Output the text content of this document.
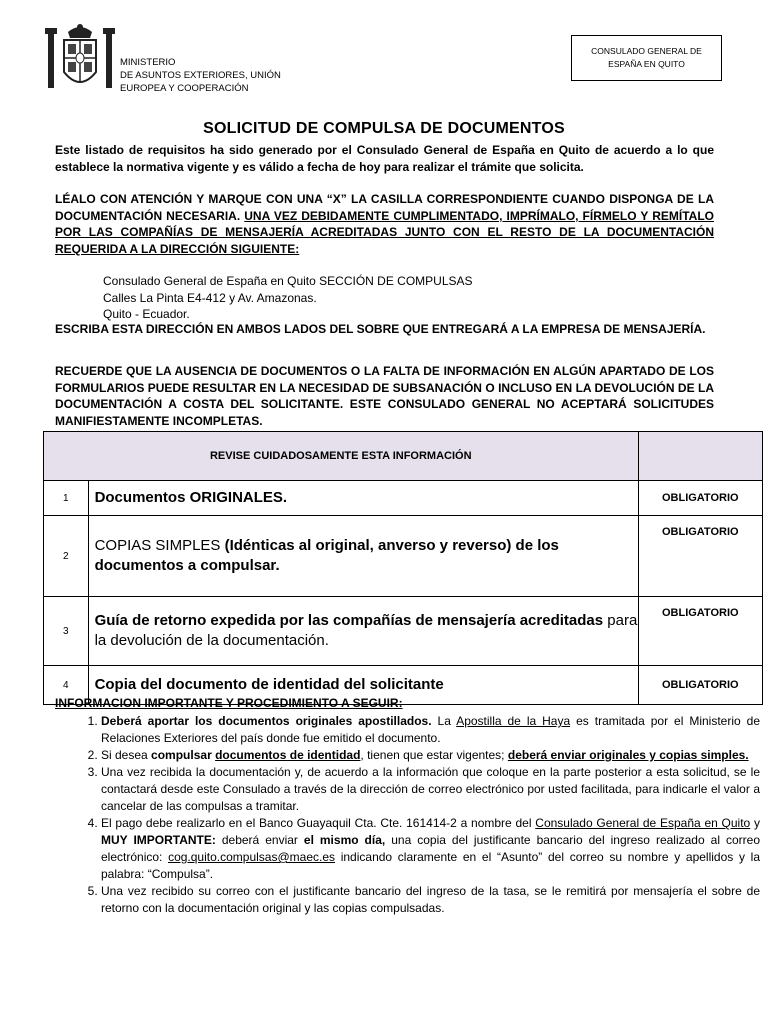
MINISTERIO
DE ASUNTOS EXTERIORES, UNIÓN
EUROPEA Y COOPERACIÓN
CONSULADO GENERAL DE
ESPAÑA EN QUITO
SOLICITUD DE COMPULSA DE DOCUMENTOS
Este listado de requisitos ha sido generado por el Consulado General de España en Quito de acuerdo a lo que establece la normativa vigente y es válido a fecha de hoy para realizar el trámite que solicita.
LÉALO CON ATENCIÓN Y MARQUE CON UNA “X” LA CASILLA CORRESPONDIENTE CUANDO DISPONGA DE LA DOCUMENTACIÓN NECESARIA. UNA VEZ DEBIDAMENTE CUMPLIMENTADO, IMPRÍMALO, FÍRMELO Y REMÍTALO POR LAS COMPAÑÍAS DE MENSAJERÍA ACREDITADAS JUNTO CON EL RESTO DE LA DOCUMENTACIÓN REQUERIDA A LA DIRECCIÓN SIGUIENTE:
Consulado General de España en Quito SECCIÓN DE COMPULSAS
Calles La Pinta E4-412 y Av. Amazonas.
Quito - Ecuador.
ESCRIBA ESTA DIRECCIÓN EN AMBOS LADOS DEL SOBRE QUE ENTREGARÁ A LA EMPRESA DE MENSAJERÍA.
RECUERDE QUE LA AUSENCIA DE DOCUMENTOS O LA FALTA DE INFORMACIÓN EN ALGÚN APARTADO DE LOS FORMULARIOS PUEDE RESULTAR EN LA NECESIDAD DE SUBSANACIÓN O INCLUSO EN LA DEVOLUCIÓN DE LA DOCUMENTACIÓN A COSTA DEL SOLICITANTE. ESTE CONSULADO GENERAL NO ACEPTARÁ SOLICITUDES MANIFIESTAMENTE INCOMPLETAS.
REVISE CUIDADOSAMENTE ESTA INFORMACIÓN		
1	Documentos ORIGINALES.	OBLIGATORIO
2	COPIAS SIMPLES (Idénticas al original, anverso y reverso) de los documentos a compulsar.	OBLIGATORIO
3	Guía de retorno expedida por las compañías de mensajería acreditadas para la devolución de la documentación.	OBLIGATORIO
4	Copia del documento de identidad del solicitante	OBLIGATORIO
INFORMACION IMPORTANTE Y PROCEDIMIENTO A SEGUIR:
1. Deberá aportar los documentos originales apostillados. La Apostilla de la Haya es tramitada por el Ministerio de Relaciones Exteriores del país donde fue emitido el documento.
2. Si desea compulsar documentos de identidad, tienen que estar vigentes; deberá enviar originales y copias simples.
3. Una vez recibida la documentación y, de acuerdo a la información que coloque en la parte posterior a esta solicitud, se le contactará desde este Consulado a través de la dirección de correo electrónico por usted facilitada, para indicarle el valor a cancelar de las compulsas a tramitar.
4. El pago debe realizarlo en el Banco Guayaquil Cta. Cte. 161414-2 a nombre del Consulado General de España en Quito y MUY IMPORTANTE: deberá enviar el mismo día, una copia del justificante bancario del ingreso realizado al correo electrónico: cog.quito.compulsas@maec.es indicando claramente en el “Asunto” del correo su nombre y apellidos y la palabra: “Compulsa”.
5. Una vez recibido su correo con el justificante bancario del ingreso de la tasa, se le remitirá por mensajería el sobre de retorno con la documentación original y las copias compulsadas.
